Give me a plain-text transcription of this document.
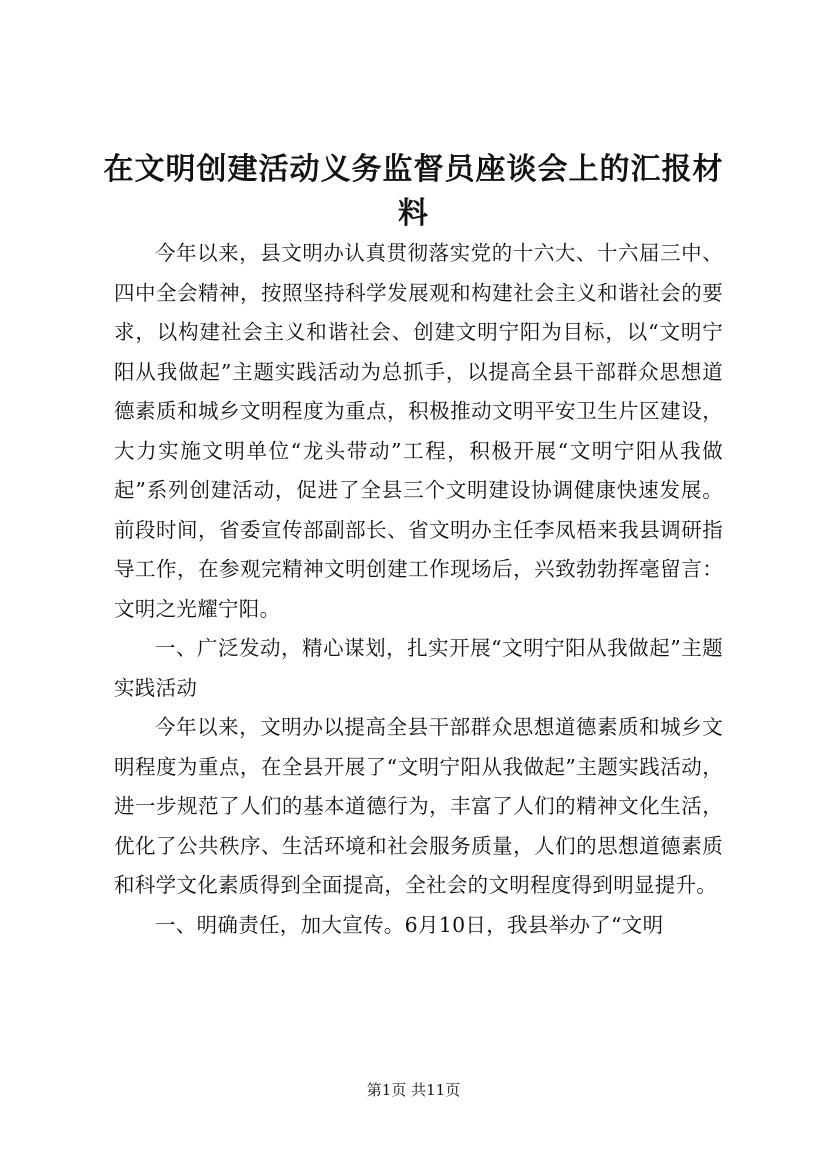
在文明创建活动义务监督员座谈会上的汇报材料

今年以来，县文明办认真贯彻落实党的十六大、十六届三中、四中全会精神，按照坚持科学发展观和构建社会主义和谐社会的要求，以构建社会主义和谐社会、创建文明宁阳为目标，以“文明宁阳从我做起”主题实践活动为总抓手，以提高全县干部群众思想道德素质和城乡文明程度为重点，积极推动文明平安卫生片区建设，大力实施文明单位“龙头带动”工程，积极开展“文明宁阳从我做起”系列创建活动，促进了全县三个文明建设协调健康快速发展。前段时间，省委宣传部副部长、省文明办主任李凤梧来我县调研指导工作，在参观完精神文明创建工作现场后，兴致勃勃挥毫留言：文明之光耀宁阳。

一、广泛发动，精心谋划，扎实开展“文明宁阳从我做起”主题实践活动

今年以来，文明办以提高全县干部群众思想道德素质和城乡文明程度为重点，在全县开展了“文明宁阳从我做起”主题实践活动，进一步规范了人们的基本道德行为，丰富了人们的精神文化生活，优化了公共秩序、生活环境和社会服务质量，人们的思想道德素质和科学文化素质得到全面提高，全社会的文明程度得到明显提升。

一、明确责任，加大宣传。6月10日，我县举办了“文明

第1页 共11页
